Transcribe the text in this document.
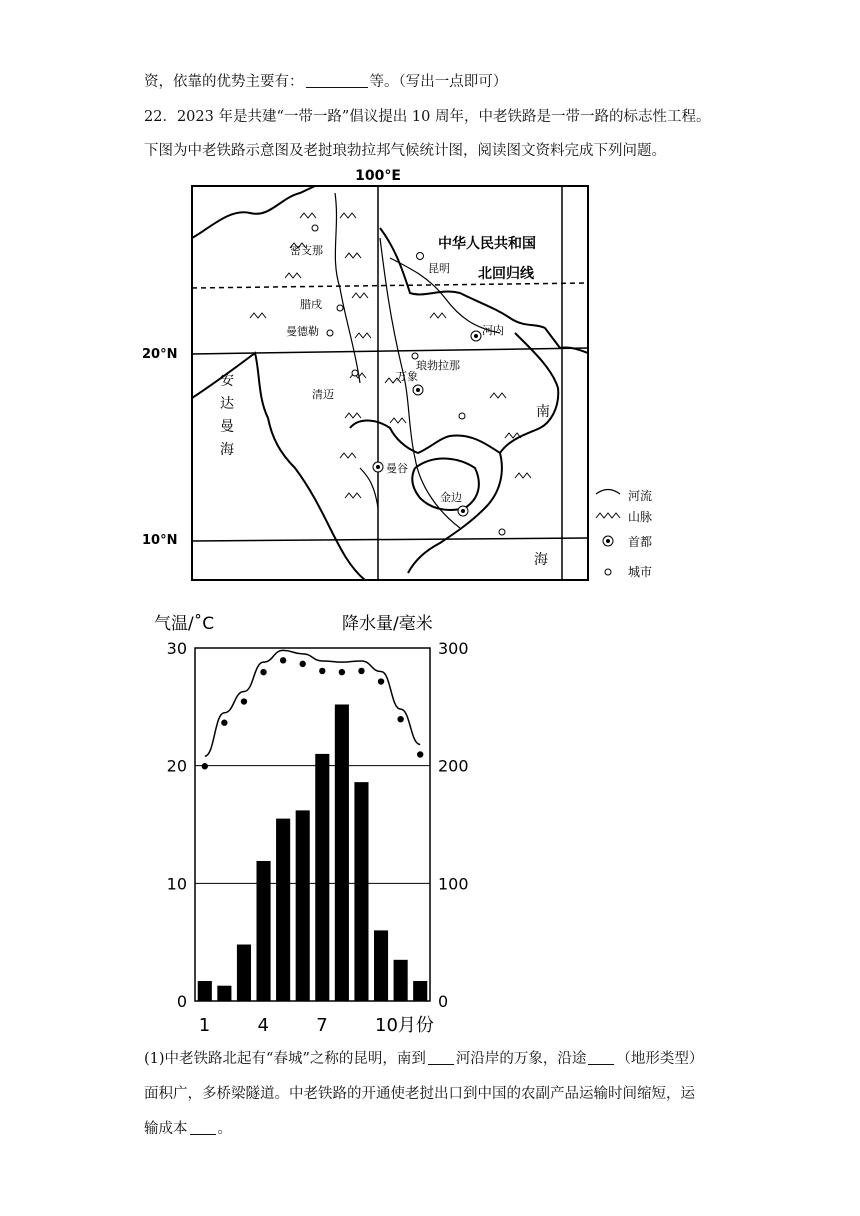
资，依靠的优势主要有：	等。（写出一点即可）
22．2023 年是共建“一带一路”倡议提出 10 周年，中老铁路是一带一路的标志性工程。
下图为中老铁路示意图及老挝琅勃拉邦气候统计图，阅读图文资料完成下列问题。
100°E
20°N
10°N
中华人民共和国
北回归线
昆明
密支那
腊戌
曼德勒	河内
琅勃拉那
万象
清迈
曼谷
金边
安
达
曼
海
南
海
河流
山脉
首都
城市
气温/˚C	降水量/毫米
0
10
20
30
0
100
200
300
1	4	7	10月份
(1)中老铁路北起有“春城”之称的昆明，南到 河沿岸的万象，沿途 （地形类型）
面积广，多桥梁隧道。中老铁路的开通使老挝出口到中国的农副产品运输时间缩短，运
输成本 。
